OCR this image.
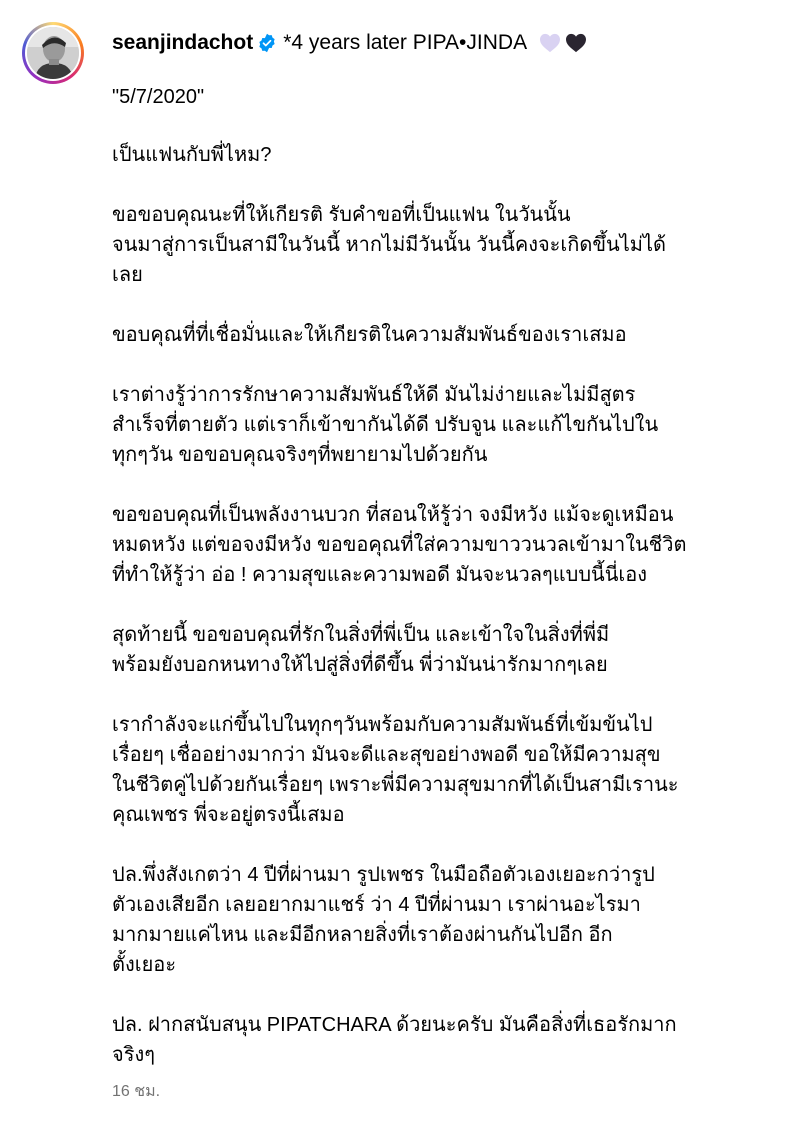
seanjindachot *4 years later PIPA•JINDA

"5/7/2020"

เป็นแฟนกับพี่ไหม?

ขอขอบคุณนะที่ให้เกียรติ รับคำขอที่เป็นแฟน ในวันนั้น
จนมาสู่การเป็นสามีในวันนี้ หากไม่มีวันนั้น วันนี้คงจะเกิดขึ้นไม่ได้
เลย

ขอบคุณที่ที่เชื่อมั่นและให้เกียรติในความสัมพันธ์ของเราเสมอ

เราต่างรู้ว่าการรักษาความสัมพันธ์ให้ดี มันไม่ง่ายและไม่มีสูตร
สำเร็จที่ตายตัว แต่เราก็เข้าขากันได้ดี ปรับจูน และแก้ไขกันไปใน
ทุกๆวัน ขอขอบคุณจริงๆที่พยายามไปด้วยกัน

ขอขอบคุณที่เป็นพลังงานบวก ที่สอนให้รู้ว่า จงมีหวัง แม้จะดูเหมือน
หมดหวัง แต่ขอจงมีหวัง ขอขอคุณที่ใส่ความขาววนวลเข้ามาในชีวิต
ที่ทำให้รู้ว่า อ่อ ! ความสุขและความพอดี มันจะนวลๆแบบนี้นี่เอง

สุดท้ายนี้ ขอขอบคุณที่รักในสิ่งที่พี่เป็น และเข้าใจในสิ่งที่พี่มี
พร้อมยังบอกหนทางให้ไปสู่สิ่งที่ดีขึ้น พี่ว่ามันน่ารักมากๆเลย

เรากำลังจะแก่ขึ้นไปในทุกๆวันพร้อมกับความสัมพันธ์ที่เข้มข้นไป
เรื่อยๆ เชื่ออย่างมากว่า มันจะดีและสุขอย่างพอดี ขอให้มีความสุข
ในชีวิตคู่ไปด้วยกันเรื่อยๆ เพราะพี่มีความสุขมากที่ได้เป็นสามีเรานะ
คุณเพชร พี่จะอยู่ตรงนี้เสมอ

ปล.พึ่งสังเกตว่า 4 ปีที่ผ่านมา รูปเพชร ในมือถือตัวเองเยอะกว่ารูป
ตัวเองเสียอีก เลยอยากมาแชร์ ว่า 4 ปีที่ผ่านมา เราผ่านอะไรมา
มากมายแค่ไหน และมีอีกหลายสิ่งที่เราต้องผ่านกันไปอีก อีก
ตั้งเยอะ

ปล. ฝากสนับสนุน PIPATCHARA ด้วยนะครับ มันคือสิ่งที่เธอรักมาก
จริงๆ

16 ชม.
